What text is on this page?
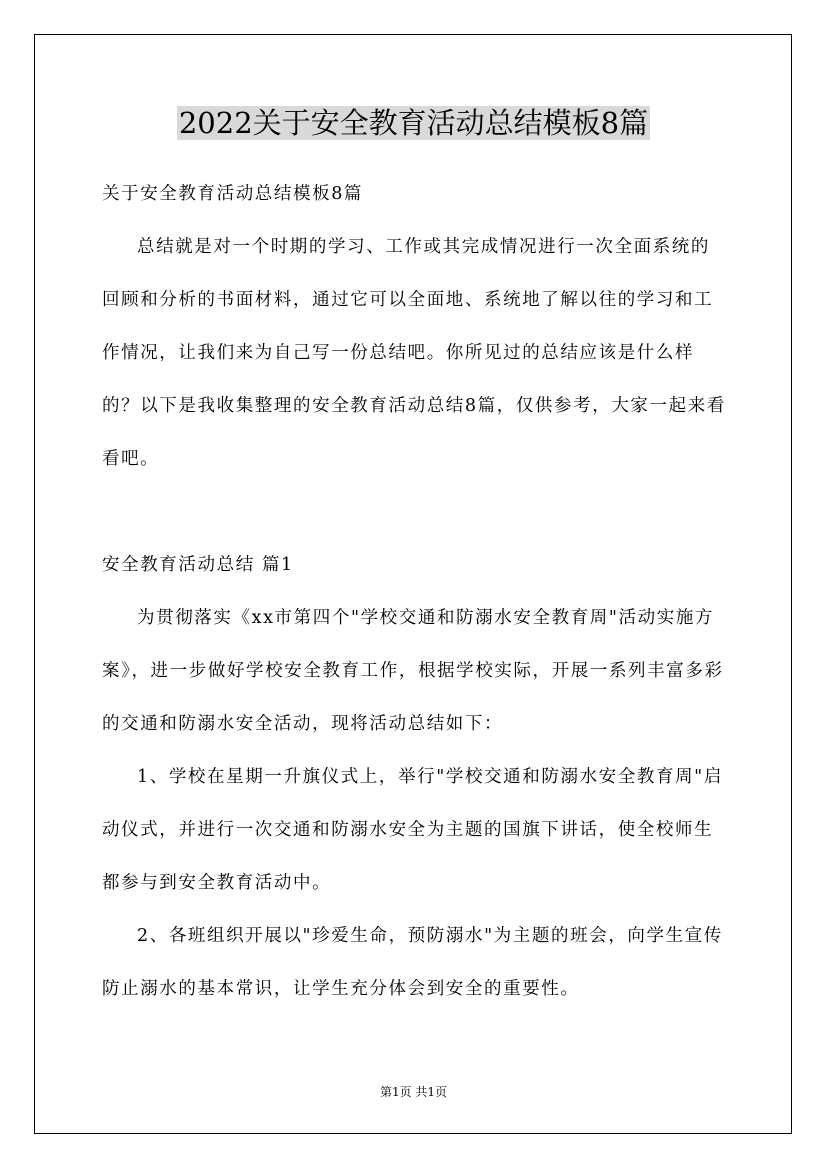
2022关于安全教育活动总结模板8篇

关于安全教育活动总结模板8篇

总结就是对一个时期的学习、工作或其完成情况进行一次全面系统的回顾和分析的书面材料，通过它可以全面地、系统地了解以往的学习和工作情况，让我们来为自己写一份总结吧。你所见过的总结应该是什么样的？以下是我收集整理的安全教育活动总结8篇，仅供参考，大家一起来看看吧。

安全教育活动总结 篇1

为贯彻落实《xx市第四个"学校交通和防溺水安全教育周"活动实施方案》，进一步做好学校安全教育工作，根据学校实际，开展一系列丰富多彩的交通和防溺水安全活动，现将活动总结如下：

1、学校在星期一升旗仪式上，举行"学校交通和防溺水安全教育周"启动仪式，并进行一次交通和防溺水安全为主题的国旗下讲话，使全校师生都参与到安全教育活动中。

2、各班组织开展以"珍爱生命，预防溺水"为主题的班会，向学生宣传防止溺水的基本常识，让学生充分体会到安全的重要性。

第1页 共1页
